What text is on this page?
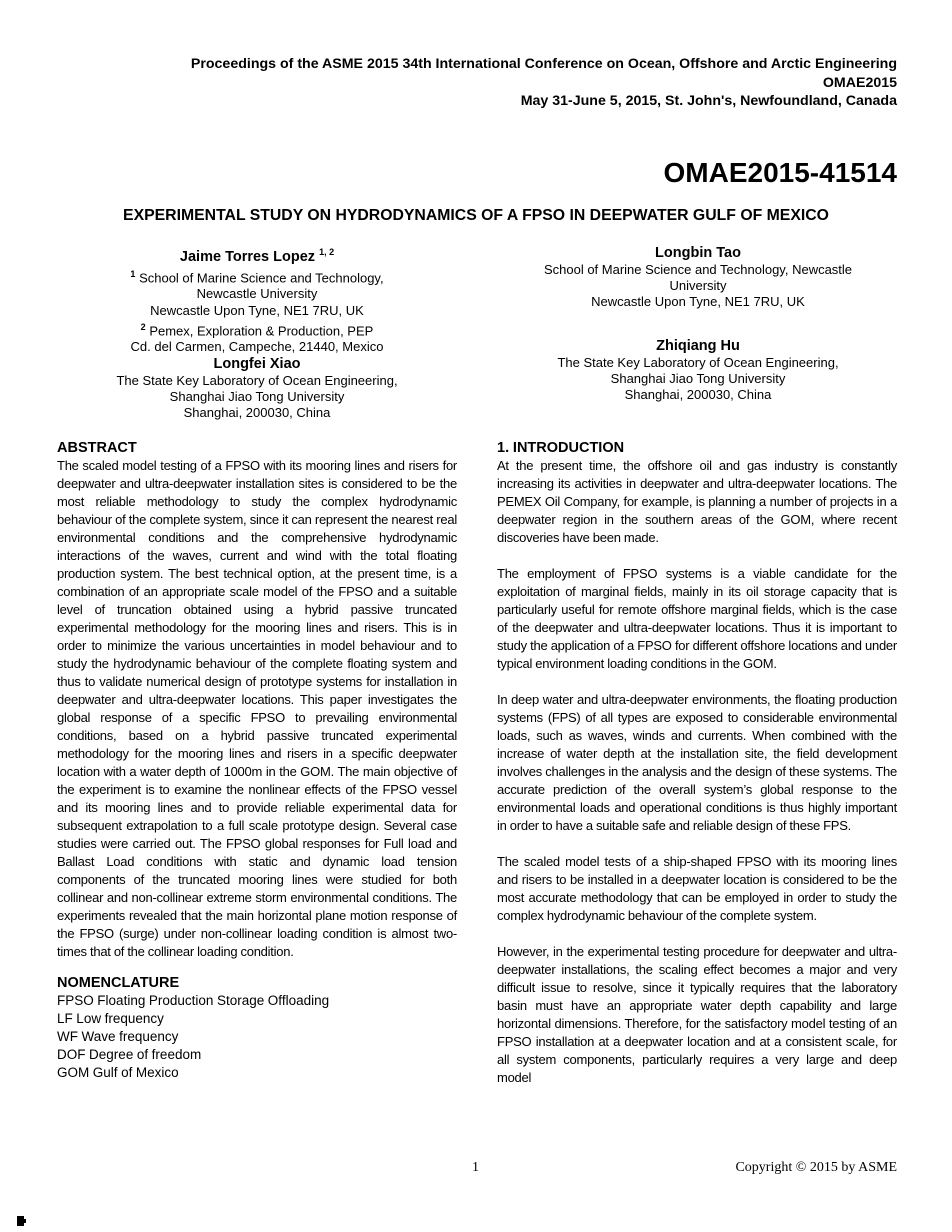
Proceedings of the ASME 2015 34th International Conference on Ocean, Offshore and Arctic Engineering
OMAE2015
May 31-June 5, 2015, St. John's, Newfoundland, Canada
OMAE2015-41514
EXPERIMENTAL STUDY ON HYDRODYNAMICS OF A FPSO IN DEEPWATER GULF OF MEXICO
Jaime Torres Lopez $^{1, 2}$
$^1$ School of Marine Science and Technology,
Newcastle University
Newcastle Upon Tyne, NE1 7RU, UK
$^2$ Pemex, Exploration & Production, PEP
Cd. del Carmen, Campeche, 21440, Mexico
Longfei Xiao
The State Key Laboratory of Ocean Engineering,
Shanghai Jiao Tong University
Shanghai, 200030, China
Longbin Tao
School of Marine Science and Technology, Newcastle
University
Newcastle Upon Tyne, NE1 7RU, UK
Zhiqiang Hu
The State Key Laboratory of Ocean Engineering,
Shanghai Jiao Tong University
Shanghai, 200030, China
ABSTRACT

The scaled model testing of a FPSO with its mooring lines and risers for deepwater and ultra-deepwater installation sites is considered to be the most reliable methodology to study the complex hydrodynamic behaviour of the complete system, since it can represent the nearest real environmental conditions and the comprehensive hydrodynamic interactions of the waves, current and wind with the total floating production system. The best technical option, at the present time, is a combination of an appropriate scale model of the FPSO and a suitable level of truncation obtained using a hybrid passive truncated experimental methodology for the mooring lines and risers. This is in order to minimize the various uncertainties in model behaviour and to study the hydrodynamic behaviour of the complete floating system and thus to validate numerical design of prototype systems for installation in deepwater and ultra-deepwater locations. This paper investigates the global response of a specific FPSO to prevailing environmental conditions, based on a hybrid passive truncated experimental methodology for the mooring lines and risers in a specific deepwater location with a water depth of 1000m in the GOM. The main objective of the experiment is to examine the nonlinear effects of the FPSO vessel and its mooring lines and to provide reliable experimental data for subsequent extrapolation to a full scale prototype design. Several case studies were carried out. The FPSO global responses for Full load and Ballast Load conditions with static and dynamic load tension components of the truncated mooring lines were studied for both collinear and non-collinear extreme storm environmental conditions. The experiments revealed that the main horizontal plane motion response of the FPSO (surge) under non-collinear loading condition is almost two-times that of the collinear loading condition.

NOMENCLATURE

FPSO Floating Production Storage Offloading

LF Low frequency

WF Wave frequency

DOF Degree of freedom

GOM Gulf of Mexico

1. INTRODUCTION

At the present time, the offshore oil and gas industry is constantly increasing its activities in deepwater and ultra-deepwater locations. The PEMEX Oil Company, for example, is planning a number of projects in a deepwater region in the southern areas of the GOM, where recent discoveries have been made.

The employment of FPSO systems is a viable candidate for the exploitation of marginal fields, mainly in its oil storage capacity that is particularly useful for remote offshore marginal fields, which is the case of the deepwater and ultra-deepwater locations. Thus it is important to study the application of a FPSO for different offshore locations and under typical environment loading conditions in the GOM.

In deep water and ultra-deepwater environments, the floating production systems (FPS) of all types are exposed to considerable environmental loads, such as waves, winds and currents. When combined with the increase of water depth at the installation site, the field development involves challenges in the analysis and the design of these systems. The accurate prediction of the overall system’s global response to the environmental loads and operational conditions is thus highly important in order to have a suitable safe and reliable design of these FPS.

The scaled model tests of a ship-shaped FPSO with its mooring lines and risers to be installed in a deepwater location is considered to be the most accurate methodology that can be employed in order to study the complex hydrodynamic behaviour of the complete system.

However, in the experimental testing procedure for deepwater and ultra-deepwater installations, the scaling effect becomes a major and very difficult issue to resolve, since it typically requires that the laboratory basin must have an appropriate water depth capability and large horizontal dimensions. Therefore, for the satisfactory model testing of an FPSO installation at a deepwater location and at a consistent scale, for all system components, particularly requires a very large and deep model

1	Copyright © 2015 by ASME
